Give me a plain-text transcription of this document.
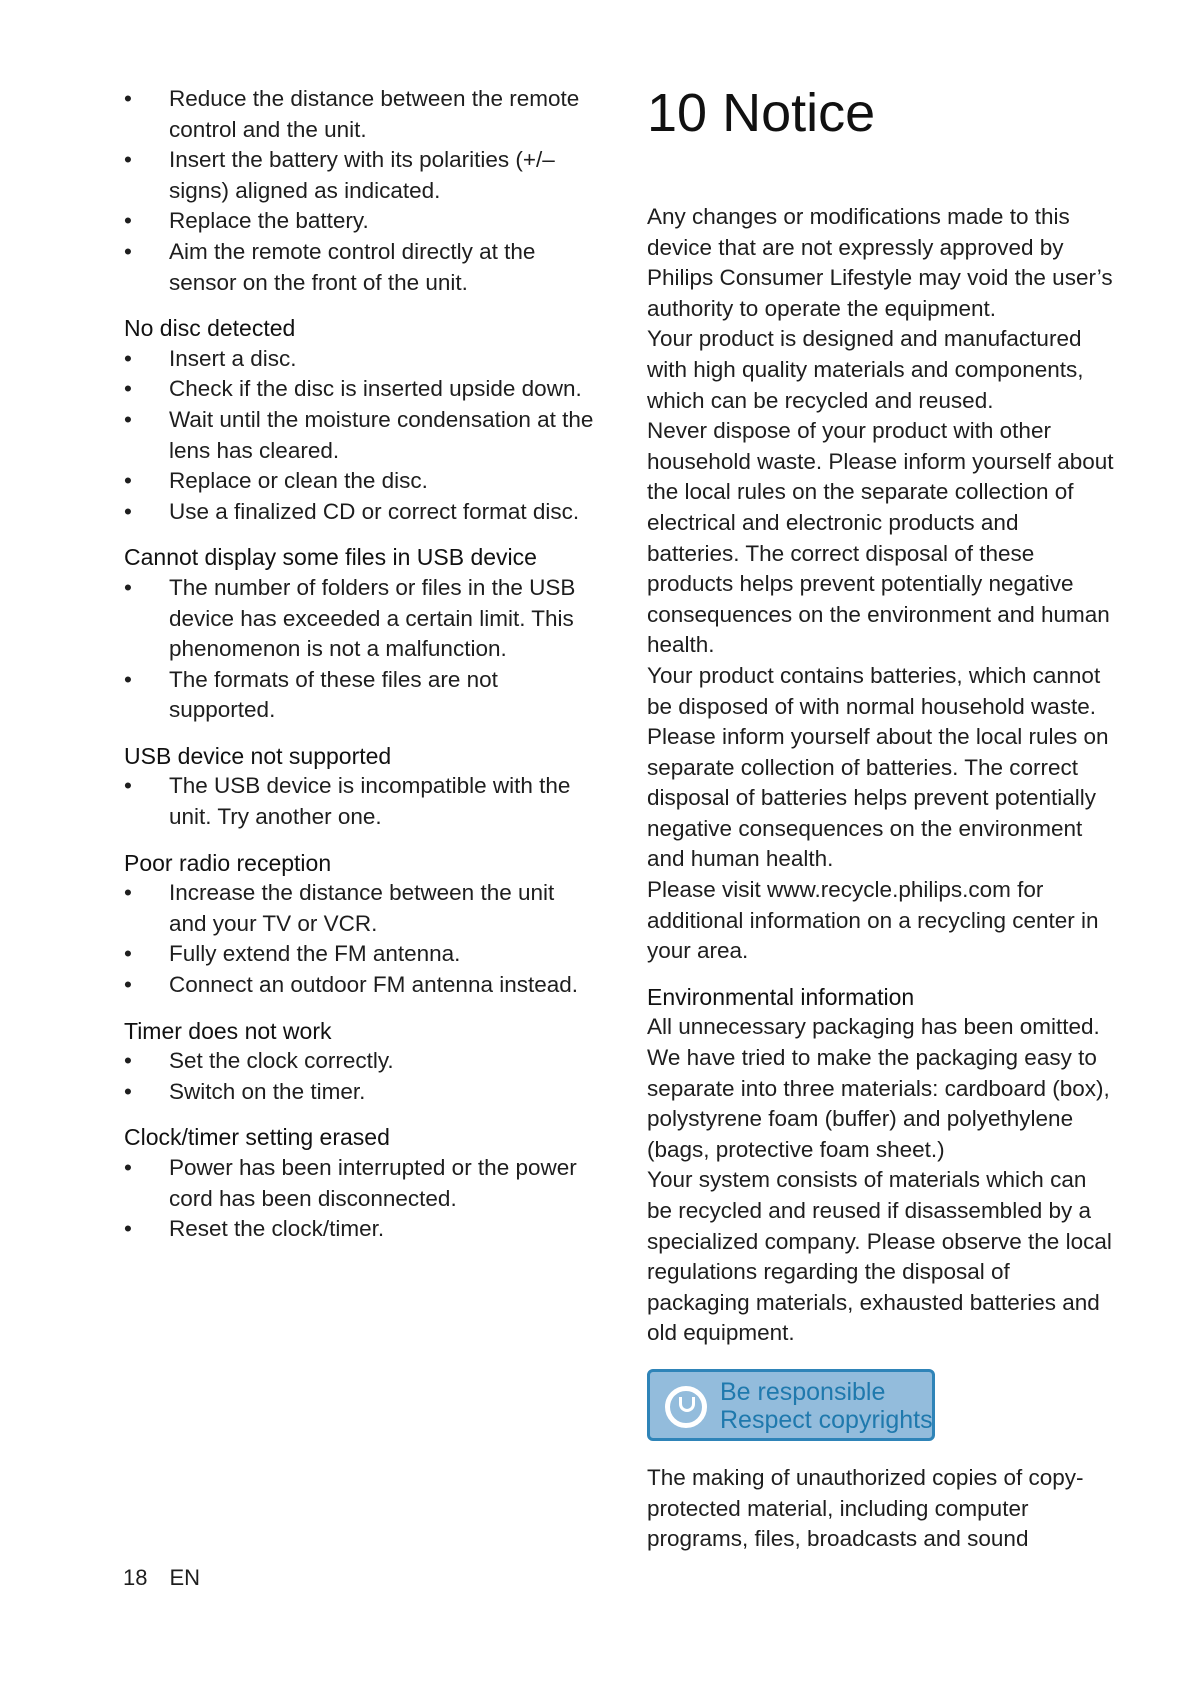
• Reduce the distance between the remote control and the unit.
• Insert the battery with its polarities (+/– signs) aligned as indicated.
• Replace the battery.
• Aim the remote control directly at the sensor on the front of the unit.
No disc detected
• Insert a disc.
• Check if the disc is inserted upside down.
• Wait until the moisture condensation at the lens has cleared.
• Replace or clean the disc.
• Use a finalized CD or correct format disc.
Cannot display some files in USB device
• The number of folders or files in the USB device has exceeded a certain limit. This phenomenon is not a malfunction.
• The formats of these files are not supported.
USB device not supported
• The USB device is incompatible with the unit. Try another one.
Poor radio reception
• Increase the distance between the unit and your TV or VCR.
• Fully extend the FM antenna.
• Connect an outdoor FM antenna instead.
Timer does not work
• Set the clock correctly.
• Switch on the timer.
Clock/timer setting erased
• Power has been interrupted or the power cord has been disconnected.
• Reset the clock/timer.
10 Notice

Any changes or modifications made to this device that are not expressly approved by Philips Consumer Lifestyle may void the user’s authority to operate the equipment.

Your product is designed and manufactured with high quality materials and components, which can be recycled and reused.

Never dispose of your product with other household waste. Please inform yourself about the local rules on the separate collection of electrical and electronic products and batteries. The correct disposal of these products helps prevent potentially negative consequences on the environment and human health.

Your product contains batteries, which cannot be disposed of with normal household waste. Please inform yourself about the local rules on separate collection of batteries. The correct disposal of batteries helps prevent potentially negative consequences on the environment and human health.

Please visit www.recycle.philips.com for additional information on a recycling center in your area.

Environmental information

All unnecessary packaging has been omitted. We have tried to make the packaging easy to separate into three materials: cardboard (box), polystyrene foam (buffer) and polyethylene (bags, protective foam sheet.)

Your system consists of materials which can be recycled and reused if disassembled by a specialized company. Please observe the local regulations regarding the disposal of packaging materials, exhausted batteries and old equipment.

Be responsible
Respect copyrights

The making of unauthorized copies of copy-protected material, including computer programs, files, broadcasts and sound

18 EN
